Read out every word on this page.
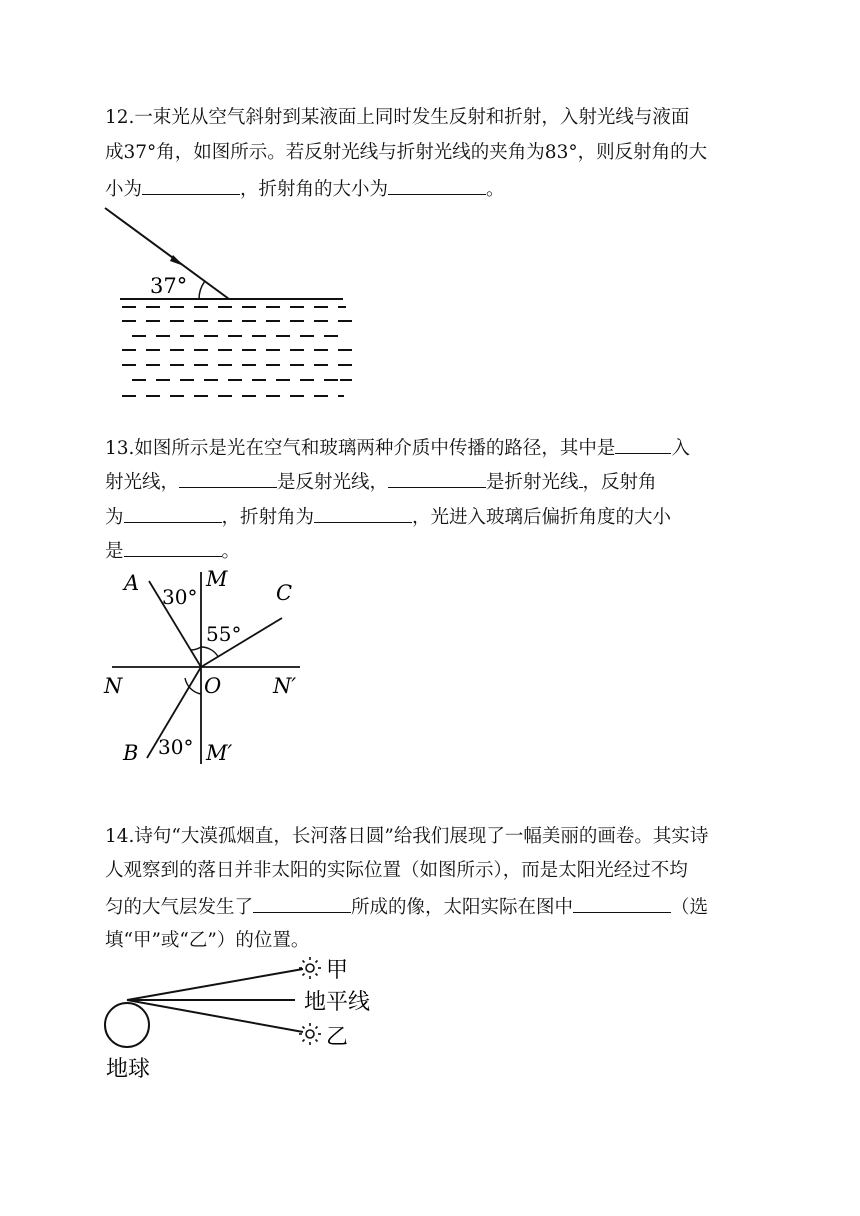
12.一束光从空气斜射到某液面上同时发生反射和折射，入射光线与液面
成37°角，如图所示。若反射光线与折射光线的夹角为83°，则反射角的大
小为	，折射角的大小为	。
37°
13.如图所示是光在空气和玻璃两种介质中传播的路径，其中是	入
射光线，	是反射光线，	是折射光线 ，反射角
为	，折射角为	，光进入玻璃后偏折角度的大小
是	。
A
30°
M
C
55°
N	O N′
B 30° M′
14.诗句“大漠孤烟直，长河落日圆”给我们展现了一幅美丽的画卷。其实诗
人观察到的落日并非太阳的实际位置（如图所示），而是太阳光经过不均
匀的大气层发生了	所成的像，太阳实际在图中	（选
填“甲”或“乙”）的位置。
甲
地平线
乙
地球
